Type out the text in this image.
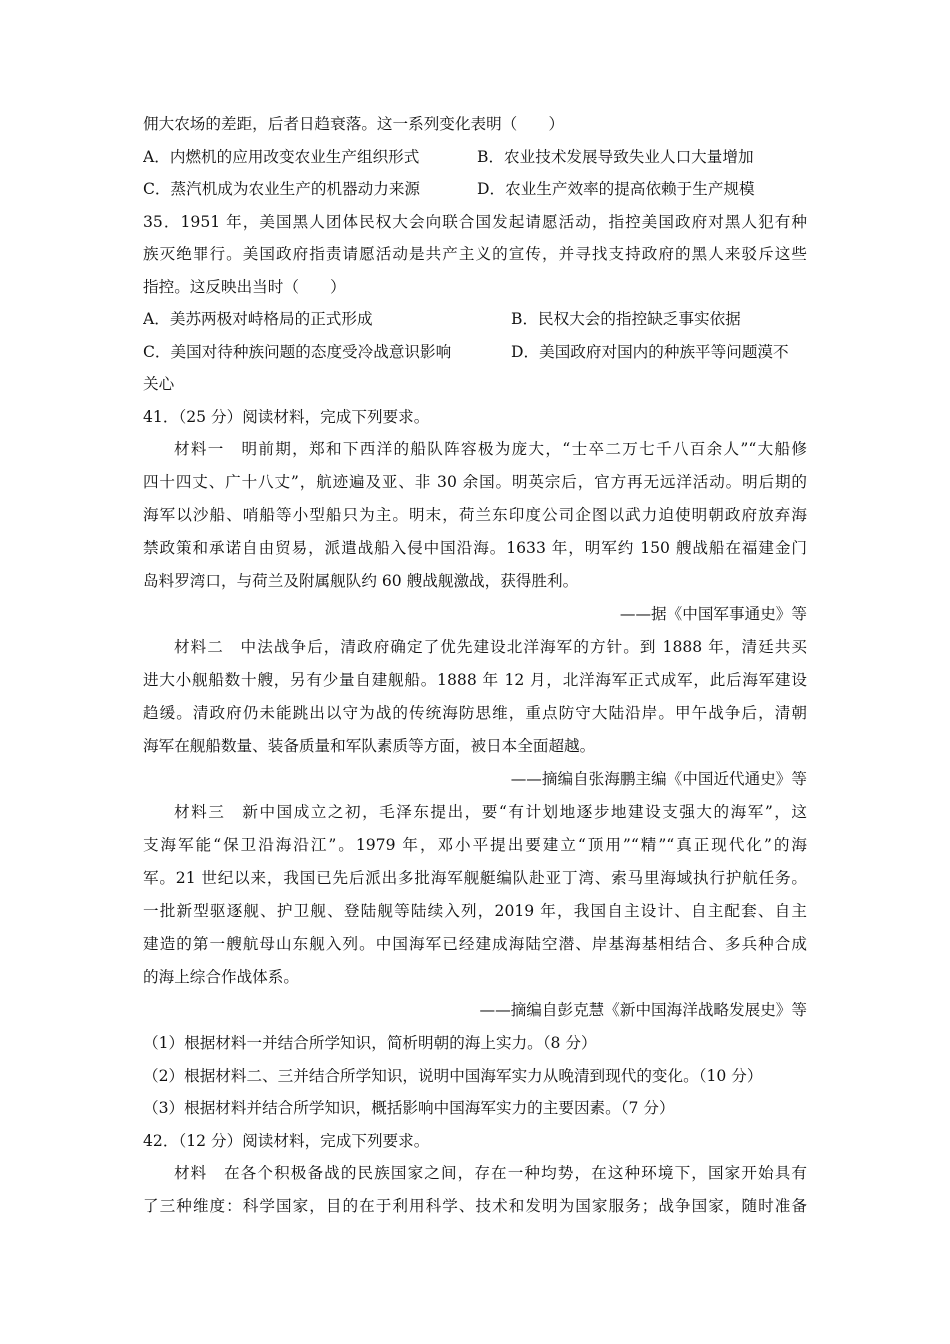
佣大农场的差距，后者日趋衰落。这一系列变化表明（　　）
A．内燃机的应用改变农业生产组织形式	B．农业技术发展导致失业人口大量增加
C．蒸汽机成为农业生产的机器动力来源	D．农业生产效率的提高依赖于生产规模
35．1951 年，美国黑人团体民权大会向联合国发起请愿活动，指控美国政府对黑人犯有种
族灭绝罪行。美国政府指责请愿活动是共产主义的宣传，并寻找支持政府的黑人来驳斥这些
指控。这反映出当时（　　）
A．美苏两极对峙格局的正式形成	B．民权大会的指控缺乏事实依据
C．美国对待种族问题的态度受冷战意识影响	D．美国政府对国内的种族平等问题漠不
关心
41．（25 分）阅读材料，完成下列要求。
材料一　明前期，郑和下西洋的船队阵容极为庞大，“士卒二万七千八百余人”“大船修
四十四丈、广十八丈”，航迹遍及亚、非 30 余国。明英宗后，官方再无远洋活动。明后期的
海军以沙船、哨船等小型船只为主。明末，荷兰东印度公司企图以武力迫使明朝政府放弃海
禁政策和承诺自由贸易，派遣战船入侵中国沿海。1633 年，明军约 150 艘战船在福建金门
岛料罗湾口，与荷兰及附属舰队约 60 艘战舰激战，获得胜利。
——据《中国军事通史》等
材料二　中法战争后，清政府确定了优先建设北洋海军的方针。到 1888 年，清廷共买
进大小舰船数十艘，另有少量自建舰船。1888 年 12 月，北洋海军正式成军，此后海军建设
趋缓。清政府仍未能跳出以守为战的传统海防思维，重点防守大陆沿岸。甲午战争后，清朝
海军在舰船数量、装备质量和军队素质等方面，被日本全面超越。
——摘编自张海鹏主编《中国近代通史》等
材料三　新中国成立之初，毛泽东提出，要“有计划地逐步地建设支强大的海军”，这
支海军能“保卫沿海沿江”。1979 年，邓小平提出要建立“顶用”“精”“真正现代化”的海
军。21 世纪以来，我国已先后派出多批海军舰艇编队赴亚丁湾、索马里海域执行护航任务。
一批新型驱逐舰、护卫舰、登陆舰等陆续入列，2019 年，我国自主设计、自主配套、自主
建造的第一艘航母山东舰入列。中国海军已经建成海陆空潜、岸基海基相结合、多兵种合成
的海上综合作战体系。
——摘编自彭克慧《新中国海洋战略发展史》等
（1）根据材料一并结合所学知识，简析明朝的海上实力。（8 分）
（2）根据材料二、三并结合所学知识，说明中国海军实力从晚清到现代的变化。（10 分）
（3）根据材料并结合所学知识，概括影响中国海军实力的主要因素。（7 分）
42．（12 分）阅读材料，完成下列要求。
材料　在各个积极备战的民族国家之间，存在一种均势，在这种环境下，国家开始具有
了三种维度：科学国家，目的在于利用科学、技术和发明为国家服务；战争国家，随时准备
